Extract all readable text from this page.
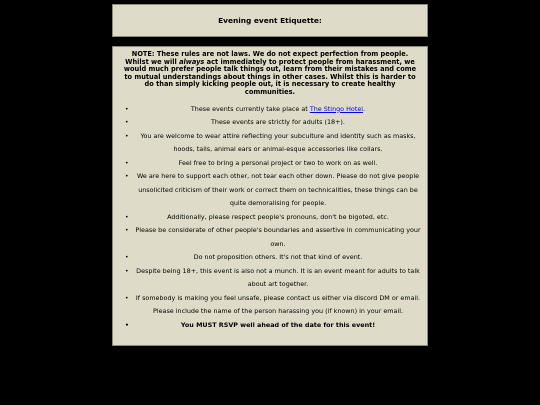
Evening event Etiquette:

NOTE: These rules are not laws. We do not expect perfection from people. Whilst we will always act immediately to protect people from harassment, we would much prefer people talk things out, learn from their mistakes and come to mutual understandings about things in other cases. Whilst this is harder to do than simply kicking people out, it is necessary to create healthy communities.

•	These events currently take place at The Stingo Hotel.
•	These events are strictly for adults (18+).
• You are welcome to wear attire reflecting your subculture and identity such as masks, hoods, tails, animal ears or animal-esque accessories like collars.
•	Feel free to bring a personal project or two to work on as well.
• We are here to support each other, not tear each other down. Please do not give people unsolicited criticism of their work or correct them on technicalities, these things can be quite demoralising for people.
•	Additionally, please respect people's pronouns, don't be bigoted, etc.
• Please be considerate of other people's boundaries and assertive in communicating your own.
•	Do not proposition others. It's not that kind of event.
• Despite being 18+, this event is also not a munch. It is an event meant for adults to talk about art together.
• If somebody is making you feel unsafe, please contact us either via discord DM or email. Please include the name of the person harassing you (if known) in your email.
•	You MUST RSVP well ahead of the date for this event!
